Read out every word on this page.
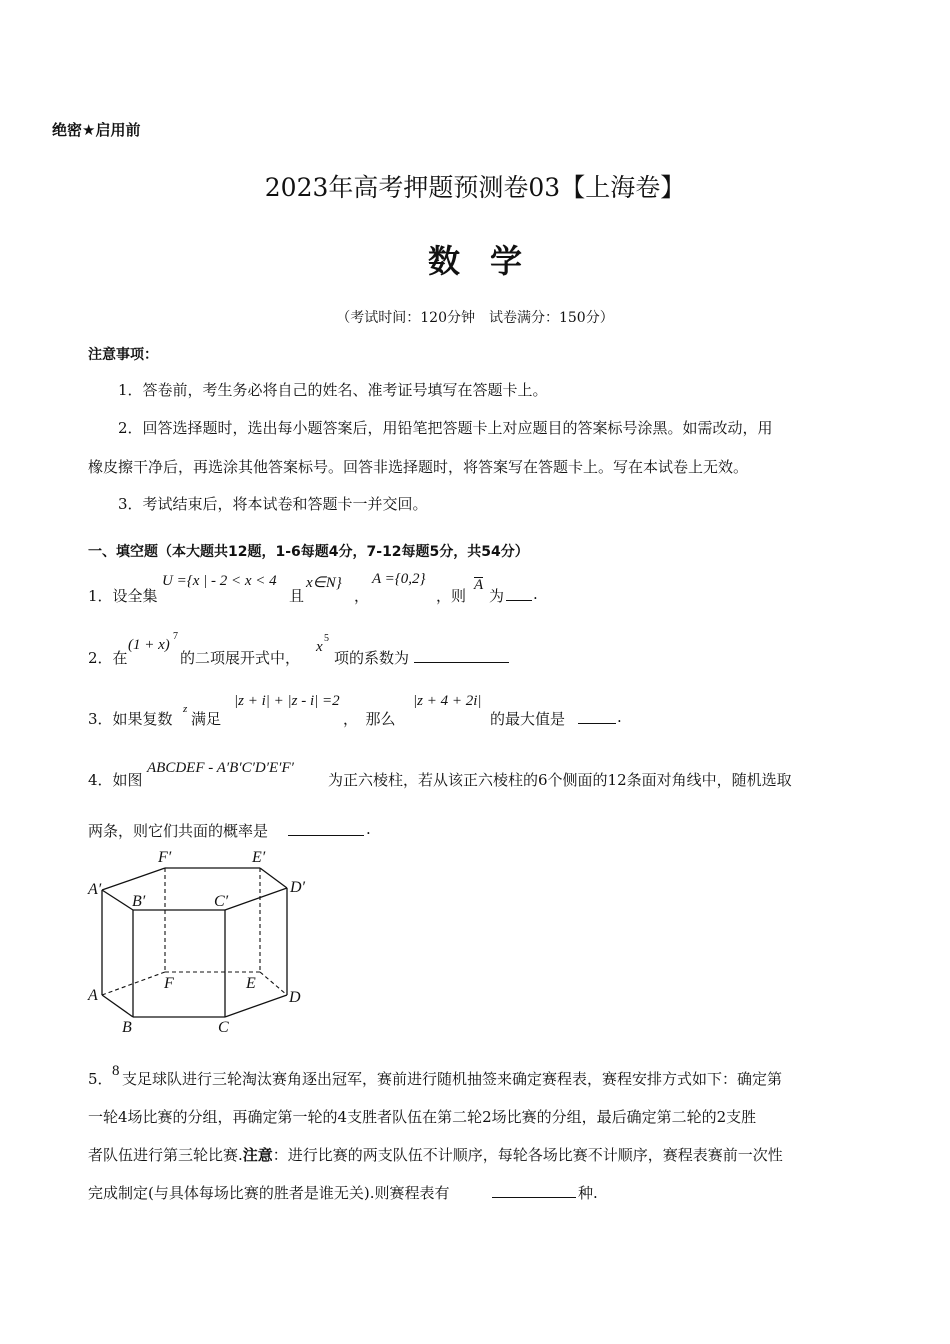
绝密★启用前
2023年高考押题预测卷03【上海卷】
数学
（考试时间：120分钟　试卷满分：150分）
注意事项：
1．答卷前，考生务必将自己的姓名、准考证号填写在答题卡上。
2．回答选择题时，选出每小题答案后，用铅笔把答题卡上对应题目的答案标号涂黑。如需改动，用
橡皮擦干净后，再选涂其他答案标号。回答非选择题时，将答案写在答题卡上。写在本试卷上无效。
3．考试结束后，将本试卷和答题卡一并交回。
一、填空题（本大题共12题，1-6每题4分，7-12每题5分，共54分）
1．设全集
U ={x | - 2 < x < 4
且
x∈N}
，
A ={0,2}
，则
A
为 .
2．在
(1 + x)
7
的二项展开式中，
x
5
项的系数为
3．如果复数
z
满足
|z + i| + |z - i| =2
，　那么
|z + 4 + 2i|
的最大值是	.
4．如图
ABCDEF - A′B′C′D′E′F′
为正六棱柱，若从该正六棱柱的6个侧面的12条面对角线中，随机选取
两条，则它们共面的概率是	.
A′
B′	C′
D′
E′
F′
A
B	C
D
E
F
5． 8 支足球队进行三轮淘汰赛角逐出冠军，赛前进行随机抽签来确定赛程表，赛程安排方式如下：确定第
一轮4场比赛的分组，再确定第一轮的4支胜者队伍在第二轮2场比赛的分组，最后确定第二轮的2支胜
者队伍进行第三轮比赛.注意：进行比赛的两支队伍不计顺序，每轮各场比赛不计顺序，赛程表赛前一次性
完成制定(与具体每场比赛的胜者是谁无关).则赛程表有	种.
